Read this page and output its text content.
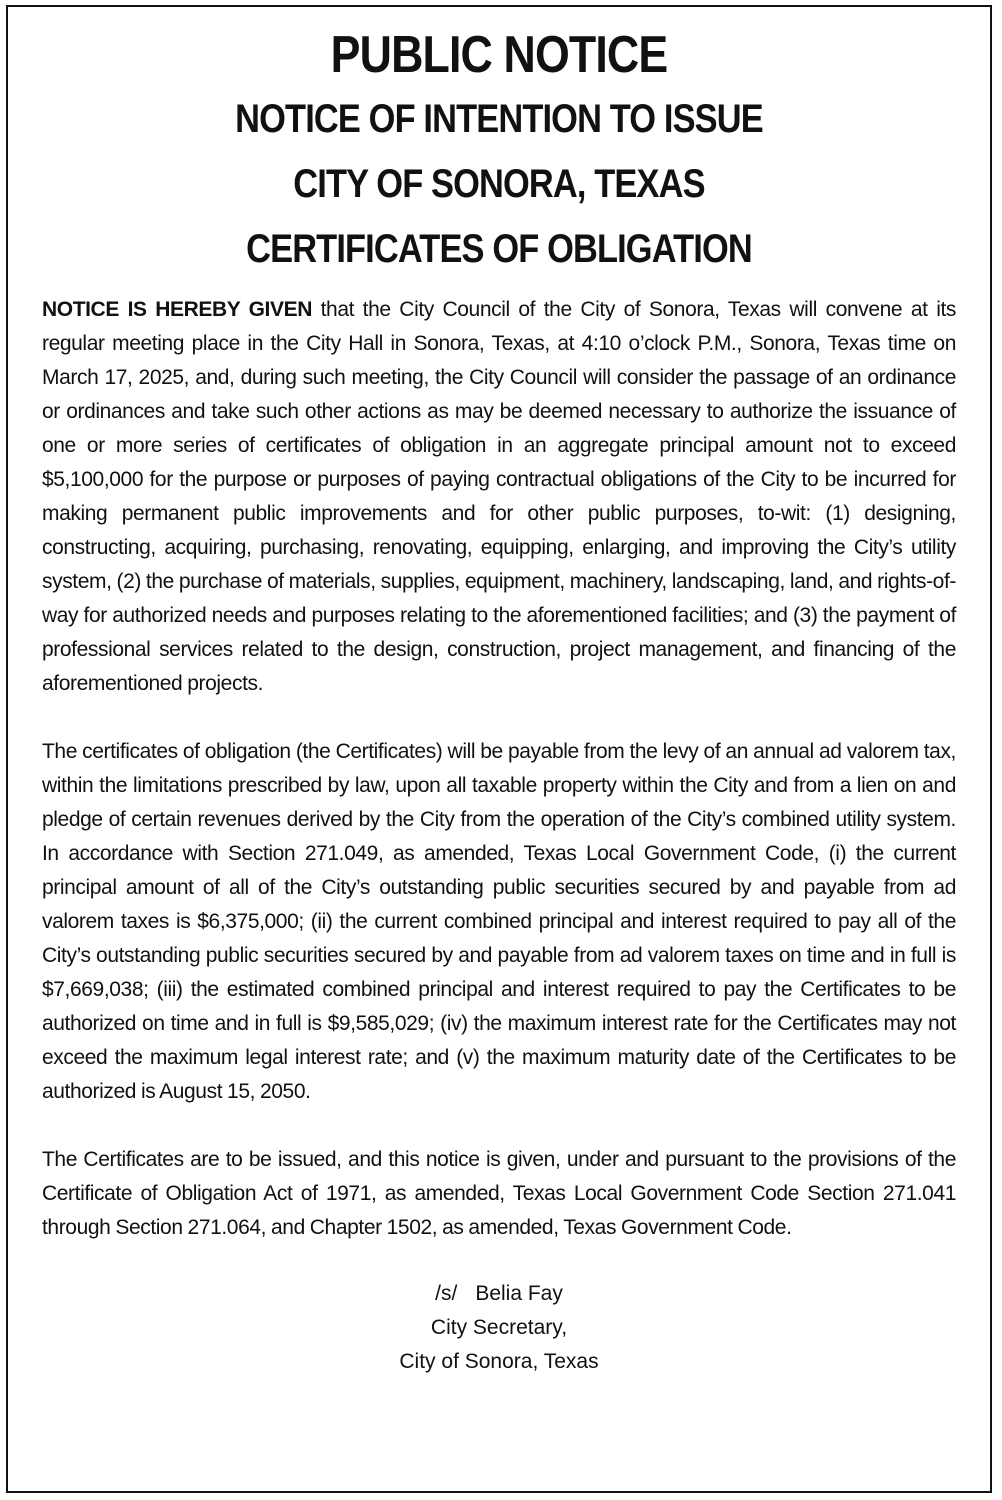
PUBLIC NOTICE
NOTICE OF INTENTION TO ISSUE
CITY OF SONORA, TEXAS
CERTIFICATES OF OBLIGATION

NOTICE IS HEREBY GIVEN that the City Council of the City of Sonora, Texas will convene at its regular meeting place in the City Hall in Sonora, Texas, at 4:10 o’clock P.M., Sonora, Texas time on March 17, 2025, and, during such meeting, the City Council will consider the passage of an ordinance or ordinances and take such other actions as may be deemed necessary to authorize the issuance of one or more series of certificates of obligation in an aggregate principal amount not to exceed $5,100,000 for the purpose or purposes of paying contractual obligations of the City to be incurred for making permanent public improvements and for other public purposes, to-wit: (1) designing, constructing, acquiring, purchasing, renovating, equipping, enlarging, and improving the City’s utility system, (2) the purchase of materials, supplies, equipment, machinery, landscaping, land, and rights-of-way for authorized needs and purposes relating to the aforementioned facilities; and (3) the payment of professional services related to the design, construction, project management, and financing of the aforementioned projects.

The certificates of obligation (the Certificates) will be payable from the levy of an annual ad valorem tax, within the limitations prescribed by law, upon all taxable property within the City and from a lien on and pledge of certain revenues derived by the City from the operation of the City’s combined utility system. In accordance with Section 271.049, as amended, Texas Local Government Code, (i) the current principal amount of all of the City’s outstanding public securities secured by and payable from ad valorem taxes is $6,375,000; (ii) the current combined principal and interest required to pay all of the City’s outstanding public securities secured by and payable from ad valorem taxes on time and in full is $7,669,038; (iii) the estimated combined principal and interest required to pay the Certificates to be authorized on time and in full is $9,585,029; (iv) the maximum interest rate for the Certificates may not exceed the maximum legal interest rate; and (v) the maximum maturity date of the Certificates to be authorized is August 15, 2050.

The Certificates are to be issued, and this notice is given, under and pursuant to the provisions of the Certificate of Obligation Act of 1971, as amended, Texas Local Government Code Section 271.041 through Section 271.064, and Chapter 1502, as amended, Texas Government Code.

/s/ Belia Fay
City Secretary,
City of Sonora, Texas
